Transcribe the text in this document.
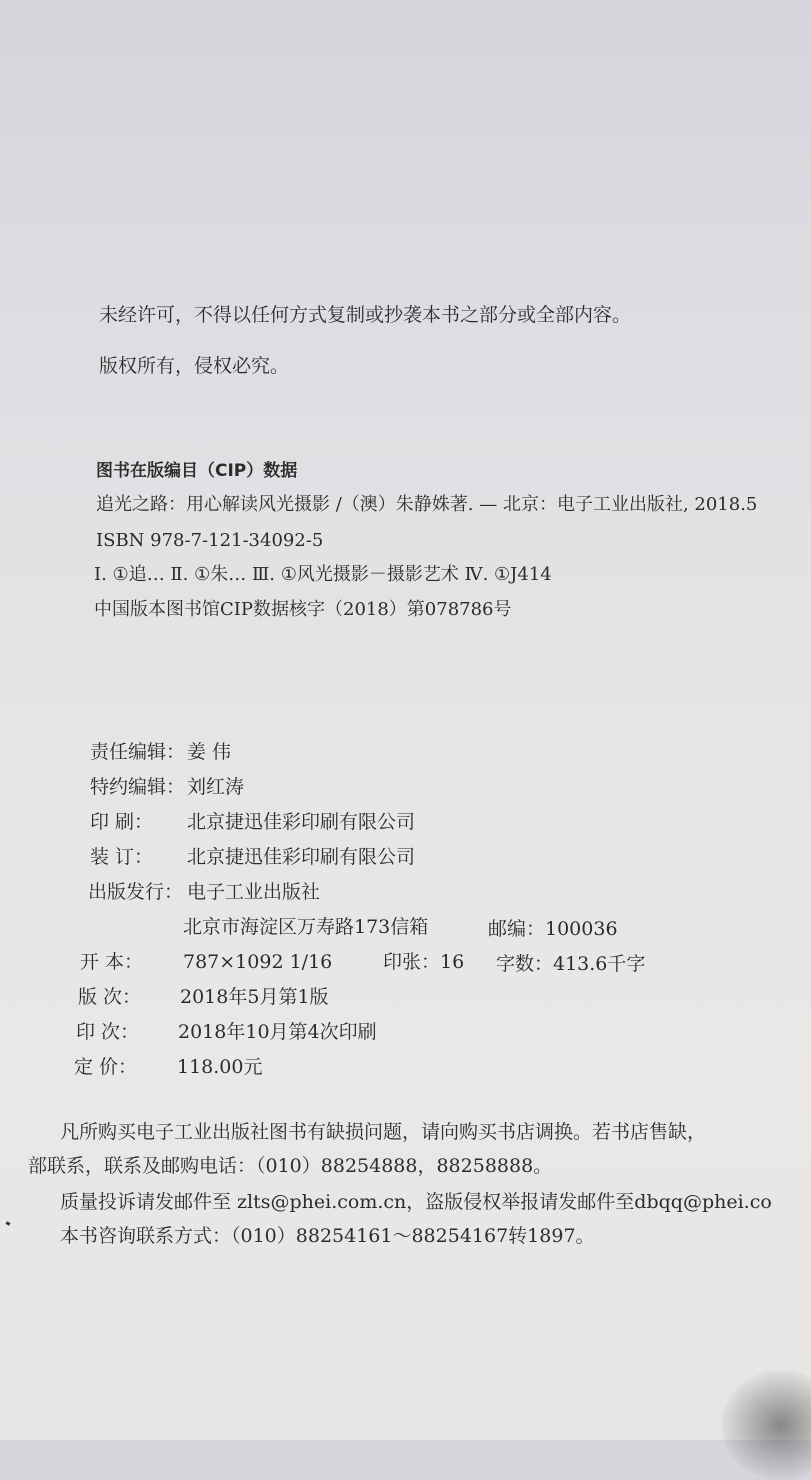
未经许可，不得以任何方式复制或抄袭本书之部分或全部内容。
版权所有，侵权必究。
图书在版编目（CIP）数据
追光之路：用心解读风光摄影 /（澳）朱静姝著. — 北京：电子工业出版社, 2018.5
ISBN 978-7-121-34092-5
Ⅰ. ①追… Ⅱ. ①朱… Ⅲ. ①风光摄影－摄影艺术 Ⅳ. ①J414
中国版本图书馆CIP数据核字（2018）第078786号
责任编辑： 姜 伟
特约编辑： 刘红涛
印 刷： 北京捷迅佳彩印刷有限公司
装 订： 北京捷迅佳彩印刷有限公司
出版发行： 电子工业出版社
北京市海淀区万寿路173信箱	邮编：100036
开 本： 787×1092 1/16	印张：16 字数：413.6千字
版 次： 2018年5月第1版
印 次： 2018年10月第4次印刷
定 价： 118.00元
凡所购买电子工业出版社图书有缺损问题，请向购买书店调换。若书店售缺，
部联系，联系及邮购电话：（010）88254888，88258888。
质量投诉请发邮件至 zlts@phei.com.cn，盗版侵权举报请发邮件至dbqq@phei.co
本书咨询联系方式：（010）88254161～88254167转1897。
